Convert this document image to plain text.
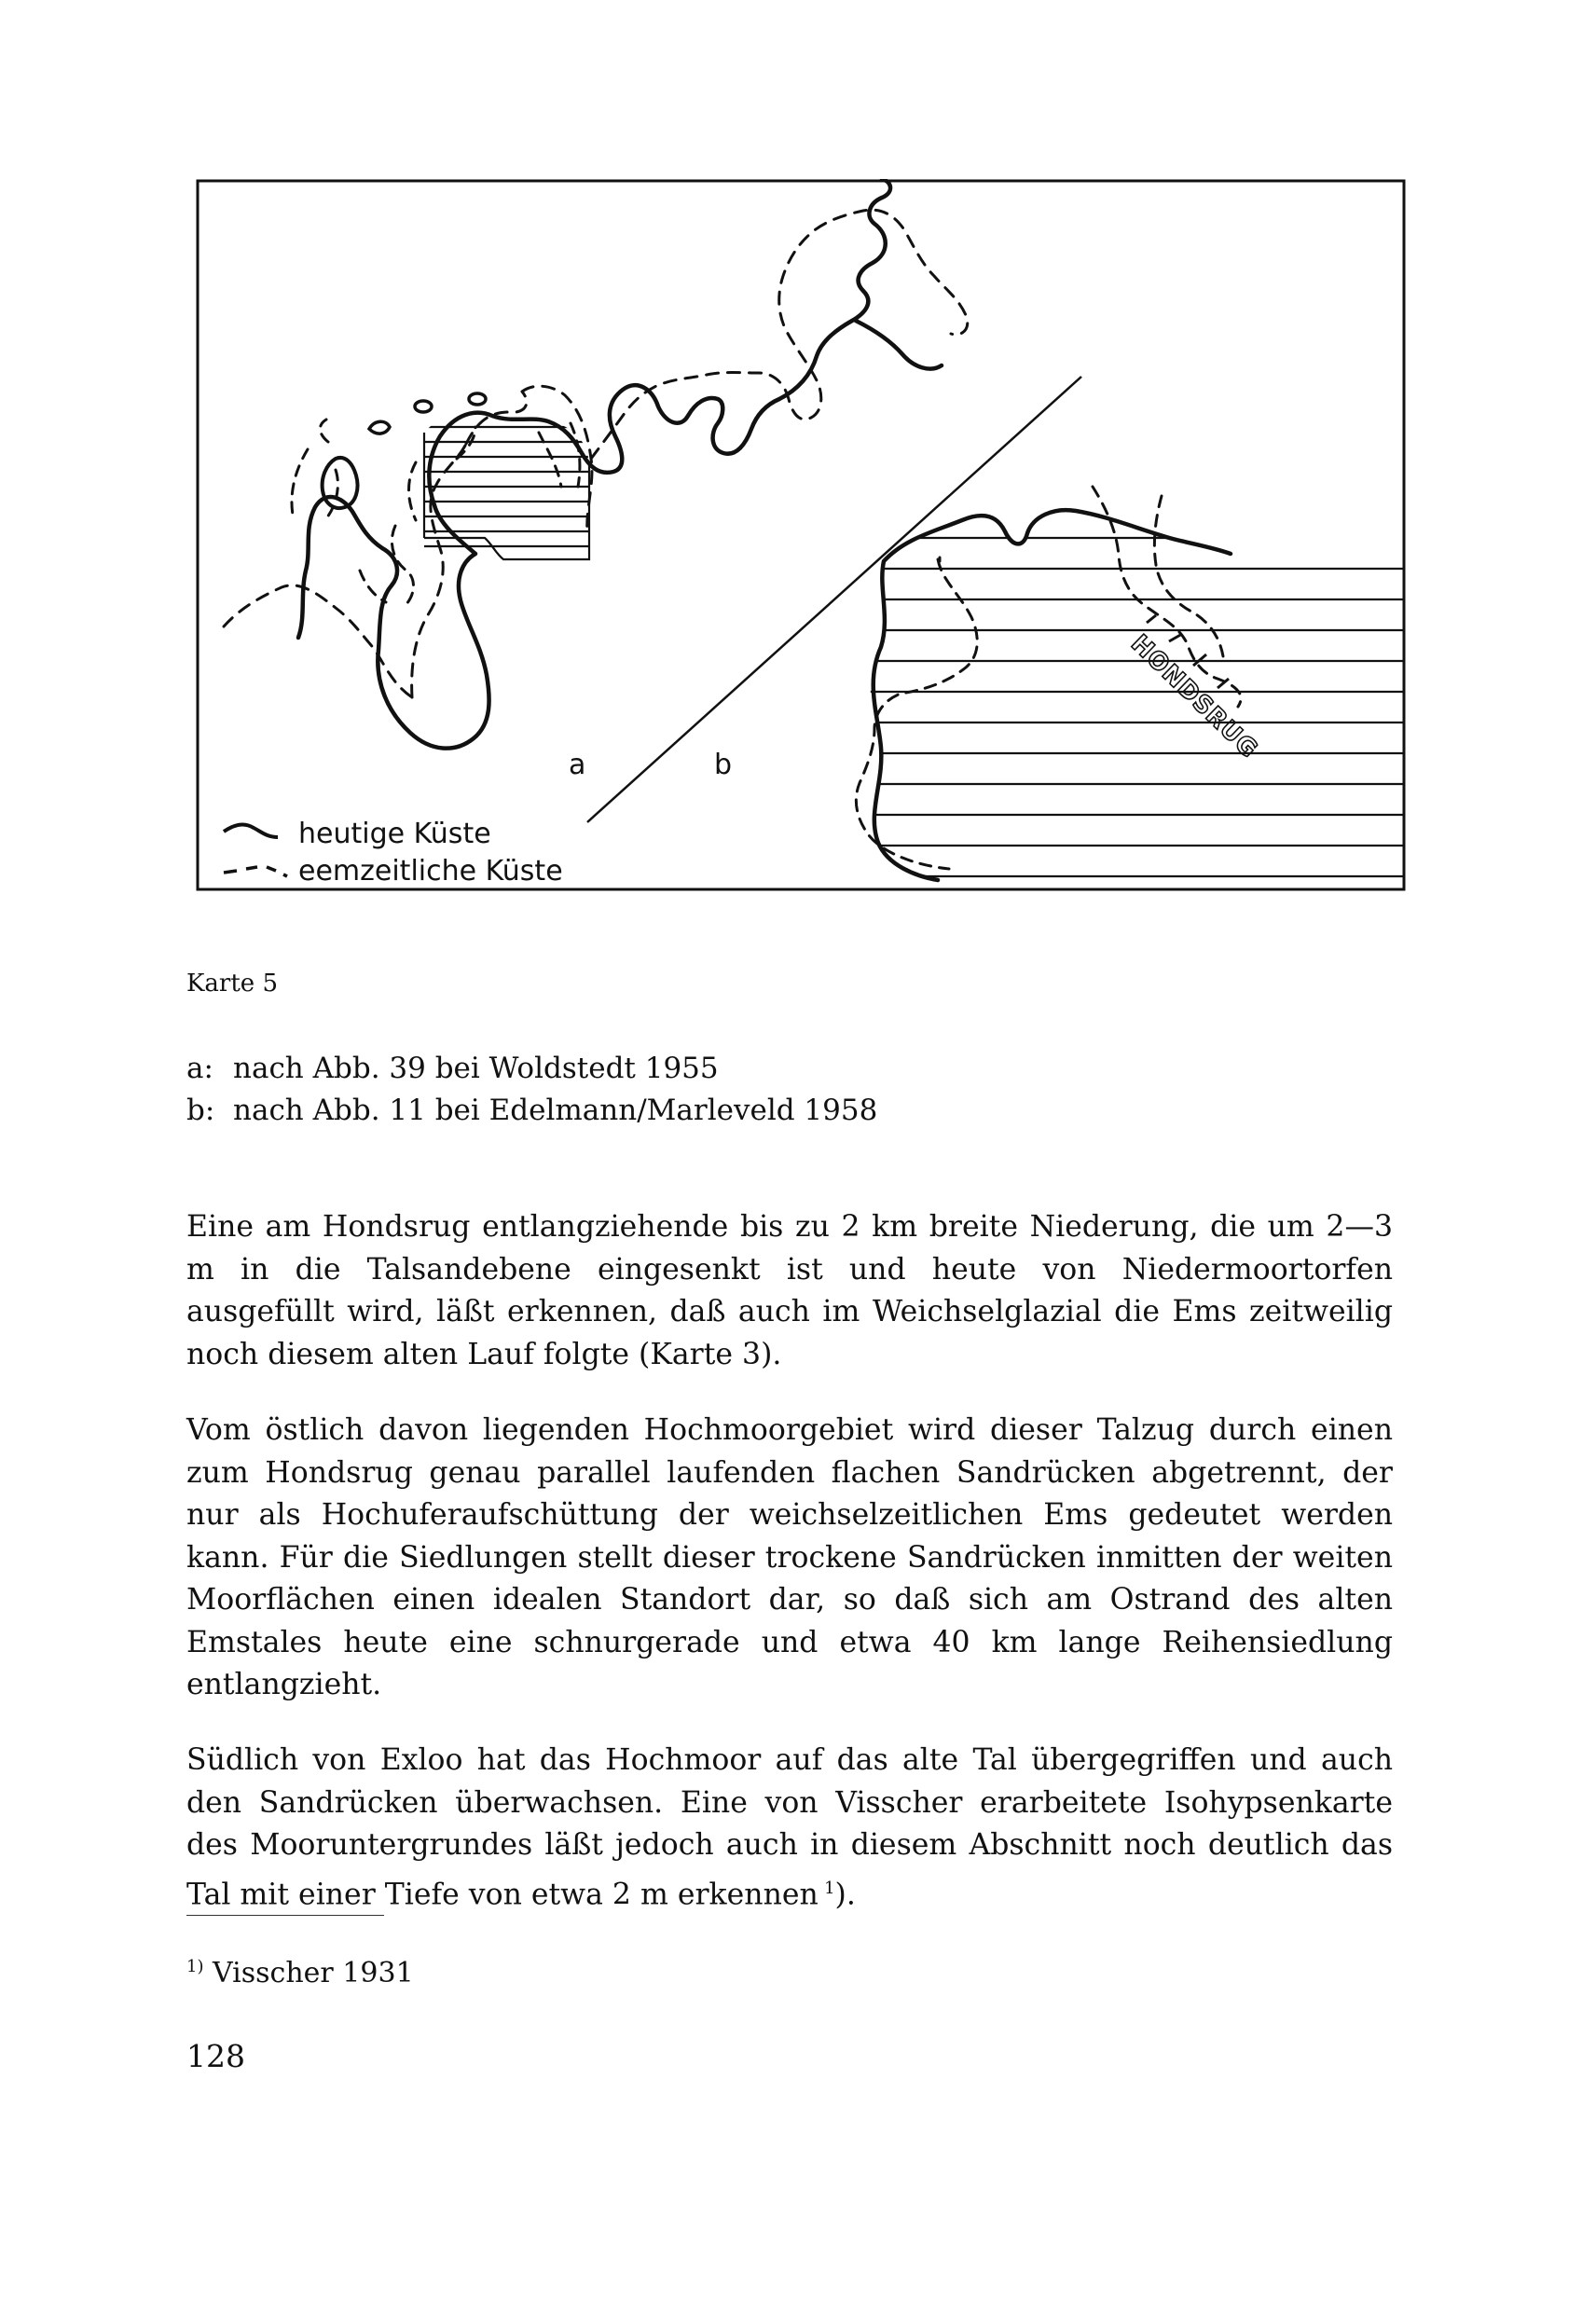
HONDSRUG
a	b
heutige Küste
eemzeitliche Küste
Karte 5
a: nach Abb. 39 bei Woldstedt 1955
b: nach Abb. 11 bei Edelmann/Marleveld 1958

Eine am Hondsrug entlangziehende bis zu 2 km breite Niederung, die um 2—3 m in die Talsandebene eingesenkt ist und heute von Niedermoortorfen ausgefüllt wird, läßt erkennen, daß auch im Weichselglazial die Ems zeitweilig noch diesem alten Lauf folgte (Karte 3).

Vom östlich davon liegenden Hochmoorgebiet wird dieser Talzug durch einen zum Hondsrug genau parallel laufenden flachen Sandrücken abgetrennt, der nur als Hochuferaufschüttung der weichselzeitlichen Ems gedeutet werden kann. Für die Siedlungen stellt dieser trockene Sandrücken inmitten der weiten Moorflächen einen idealen Standort dar, so daß sich am Ostrand des alten Emstales heute eine schnurgerade und etwa 40 km lange Reihensiedlung entlangzieht.

Südlich von Exloo hat das Hochmoor auf das alte Tal übergegriffen und auch den Sandrücken überwachsen. Eine von Visscher erarbeitete Isohypsenkarte des Mooruntergrundes läßt jedoch auch in diesem Abschnitt noch deutlich das Tal mit einer Tiefe von etwa 2 m erkennen  $^1$).

$^{1)}$ Visscher 1931
128
